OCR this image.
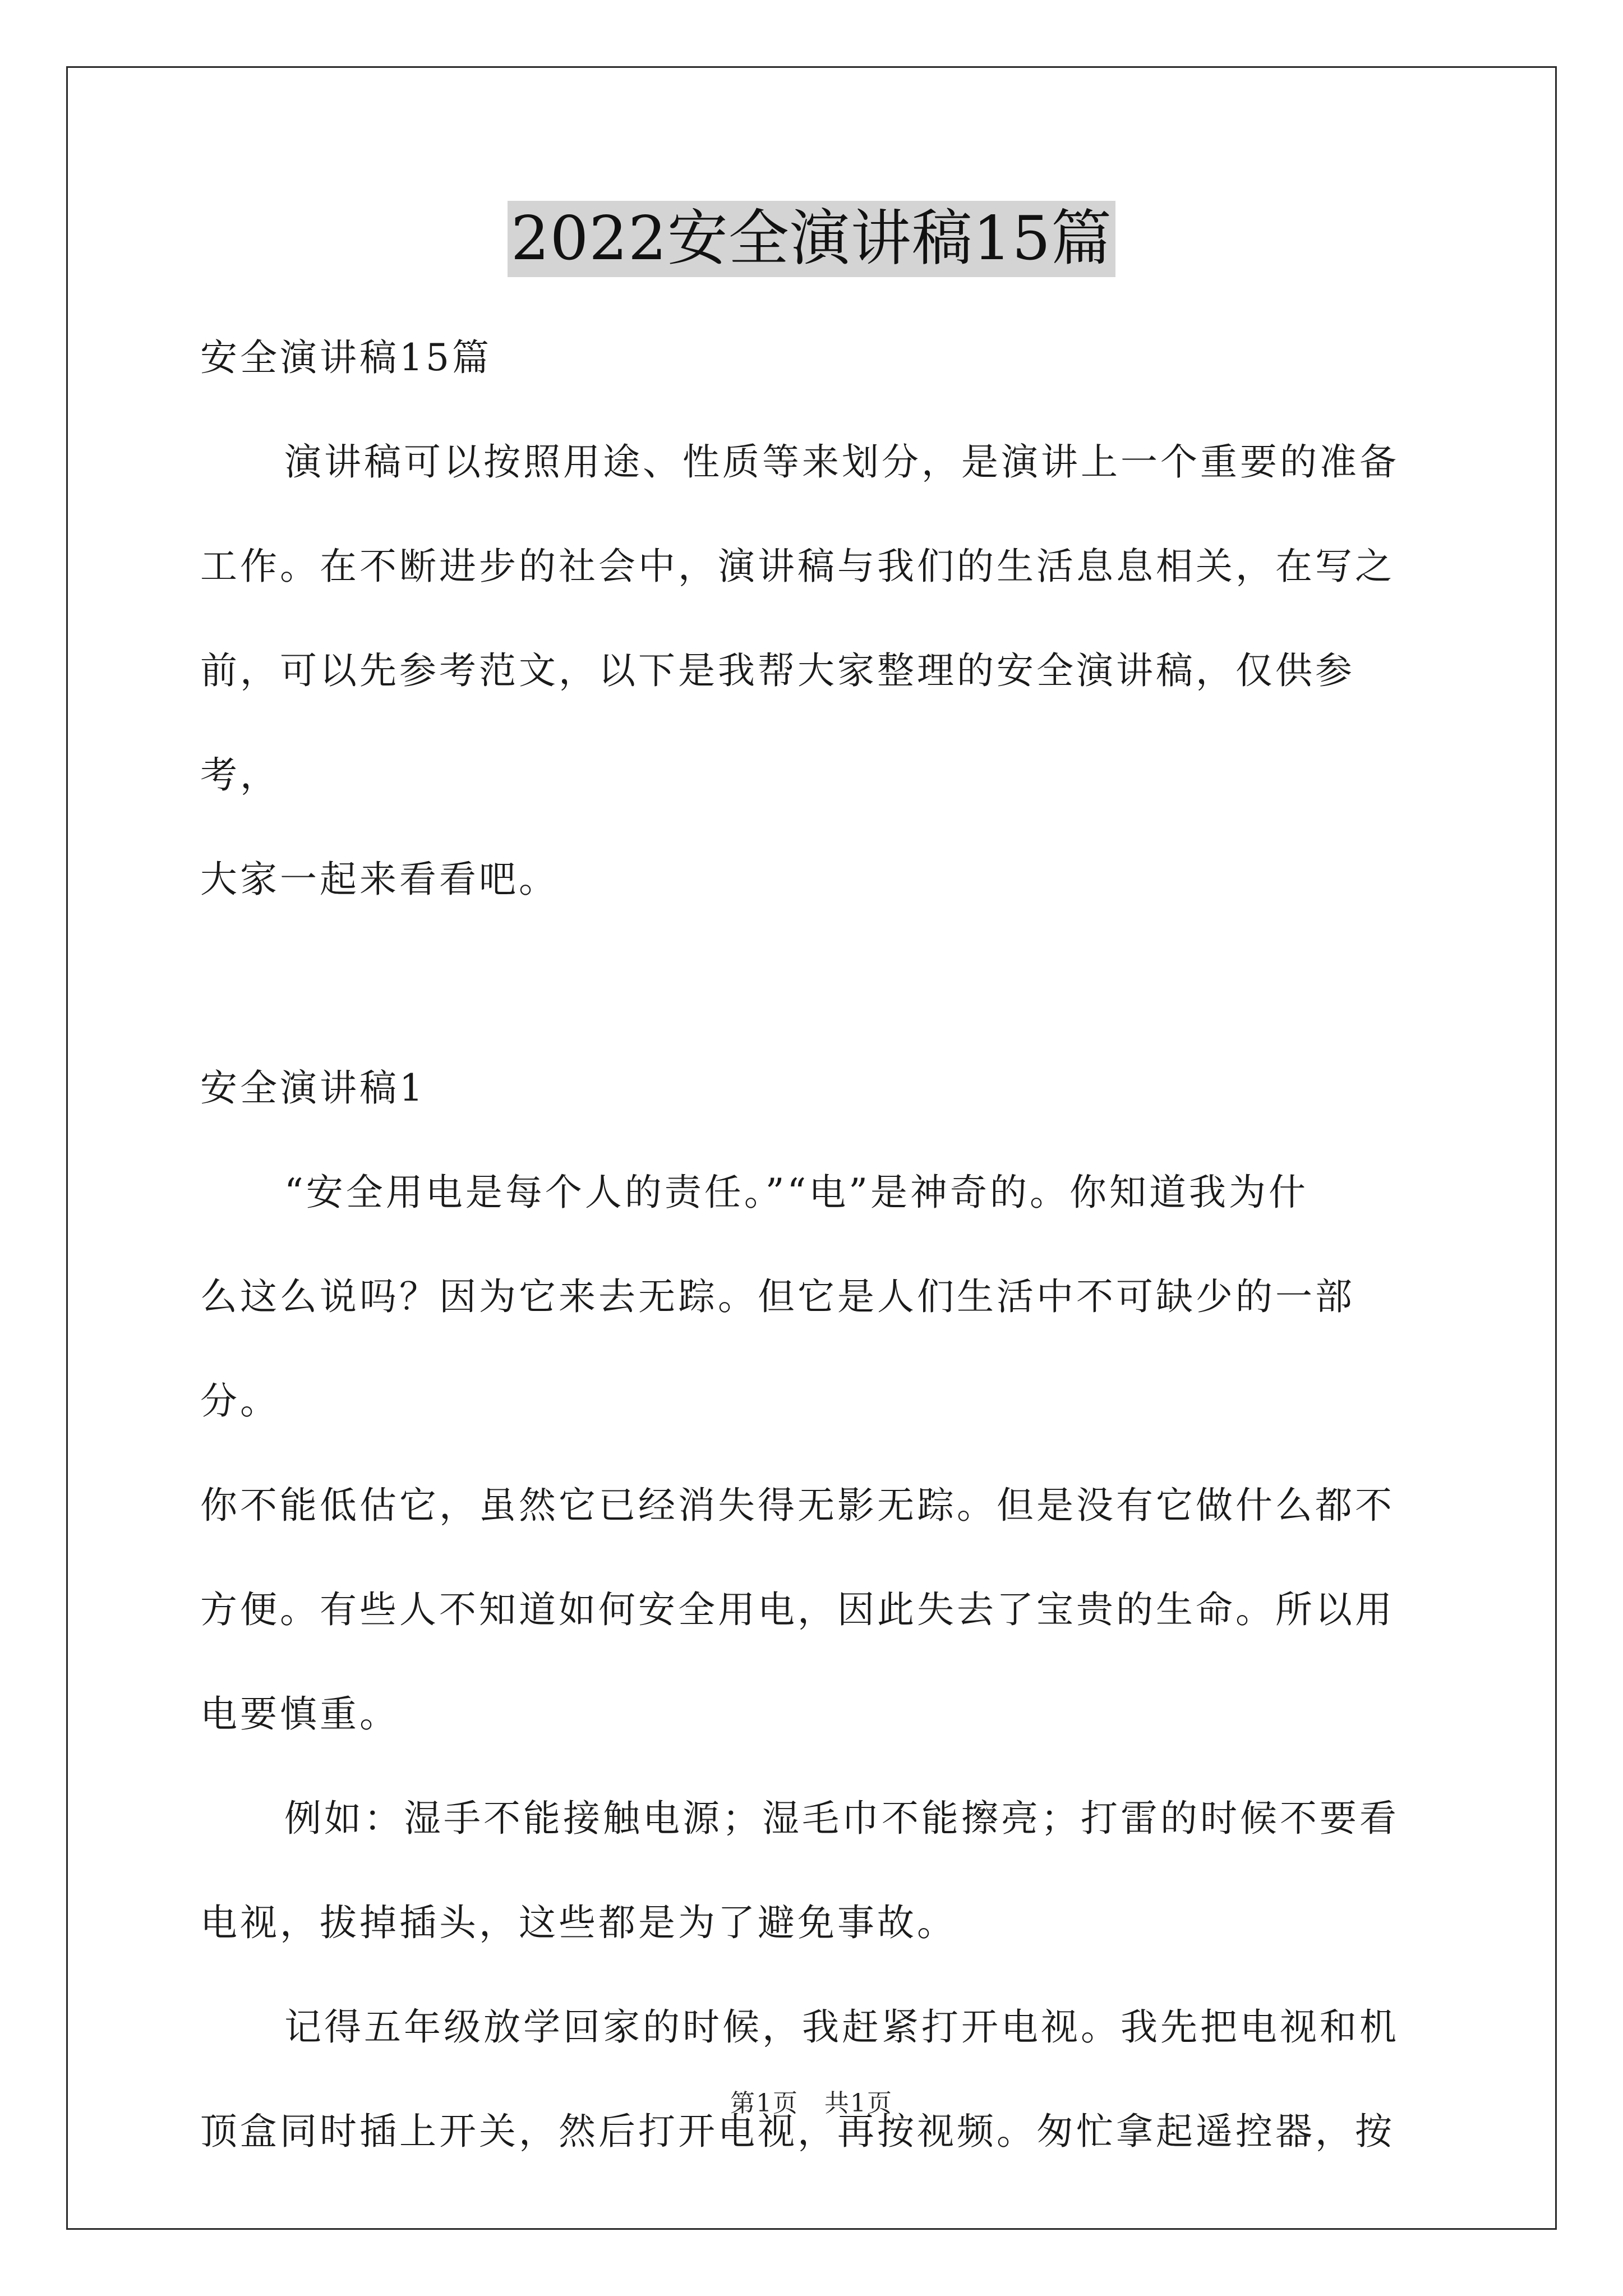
2022安全演讲稿15篇

安全演讲稿15篇

演讲稿可以按照用途、性质等来划分，是演讲上一个重要的准备

工作。在不断进步的社会中，演讲稿与我们的生活息息相关，在写之

前，可以先参考范文，以下是我帮大家整理的安全演讲稿，仅供参考，

大家一起来看看吧。

安全演讲稿1

“安全用电是每个人的责任。”“电”是神奇的。你知道我为什

么这么说吗？因为它来去无踪。但它是人们生活中不可缺少的一部分。

你不能低估它，虽然它已经消失得无影无踪。但是没有它做什么都不

方便。有些人不知道如何安全用电，因此失去了宝贵的生命。所以用

电要慎重。

例如：湿手不能接触电源；湿毛巾不能擦亮；打雷的时候不要看

电视，拔掉插头，这些都是为了避免事故。

记得五年级放学回家的时候，我赶紧打开电视。我先把电视和机

顶盒同时插上开关，然后打开电视，再按视频。匆忙拿起遥控器，按

第1页　共1页
